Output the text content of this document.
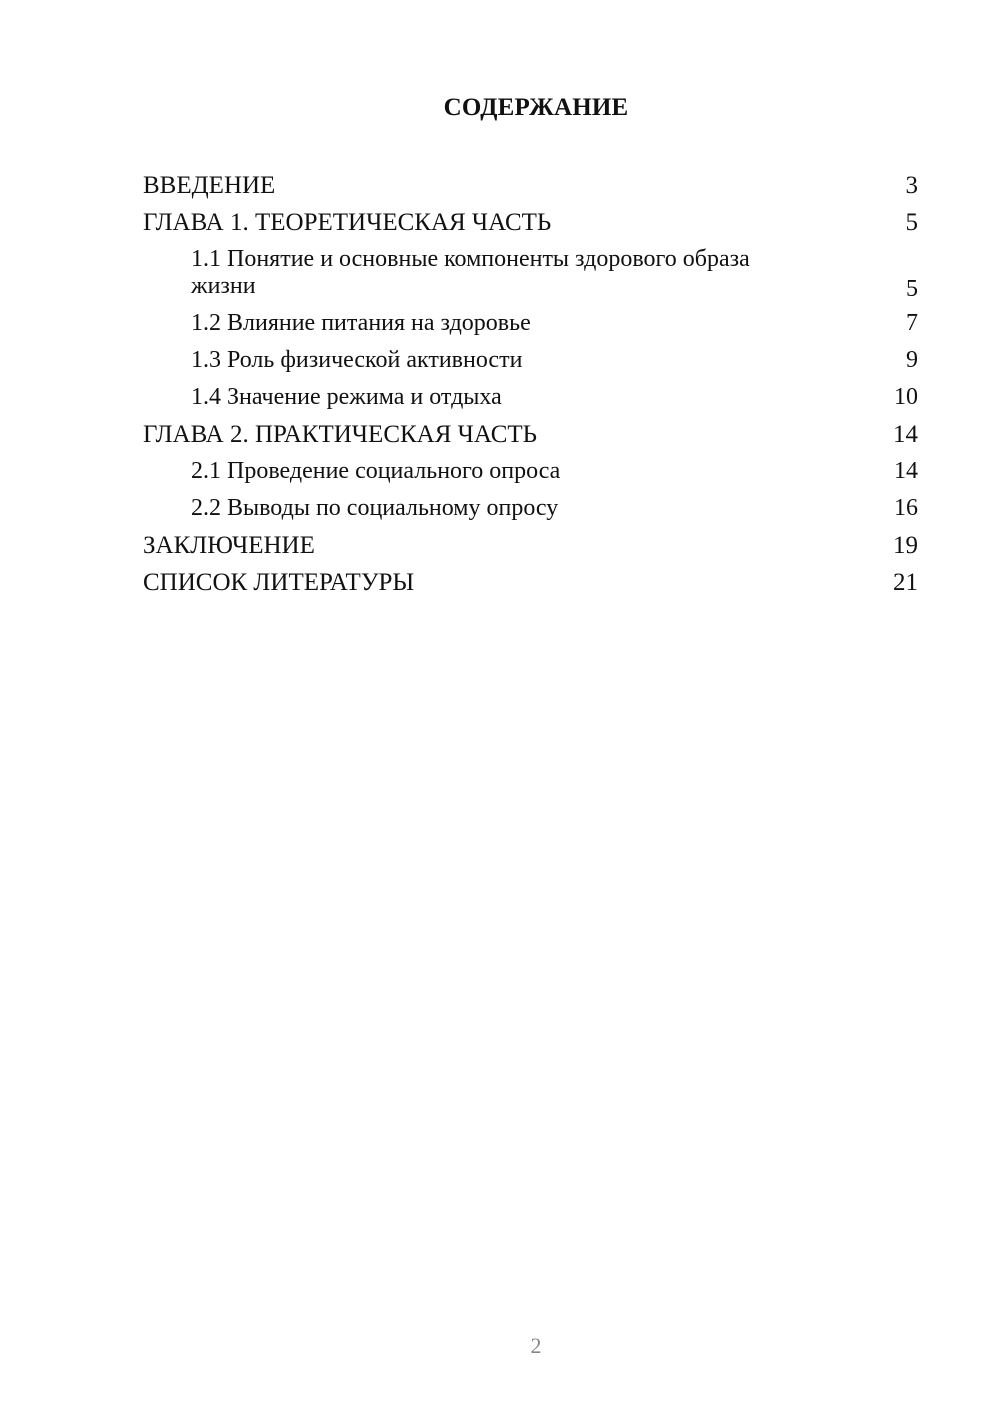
СОДЕРЖАНИЕ
ВВЕДЕНИЕ	3
ГЛАВА 1. ТЕОРЕТИЧЕСКАЯ ЧАСТЬ	5
1.1 Понятие и основные компоненты здорового образа жизни	5
1.2 Влияние питания на здоровье	7
1.3 Роль физической активности	9
1.4 Значение режима и отдыха	10
ГЛАВА 2. ПРАКТИЧЕСКАЯ ЧАСТЬ	14
2.1 Проведение социального опроса	14
2.2 Выводы по социальному опросу	16
ЗАКЛЮЧЕНИЕ	19
СПИСОК ЛИТЕРАТУРЫ	21
2
